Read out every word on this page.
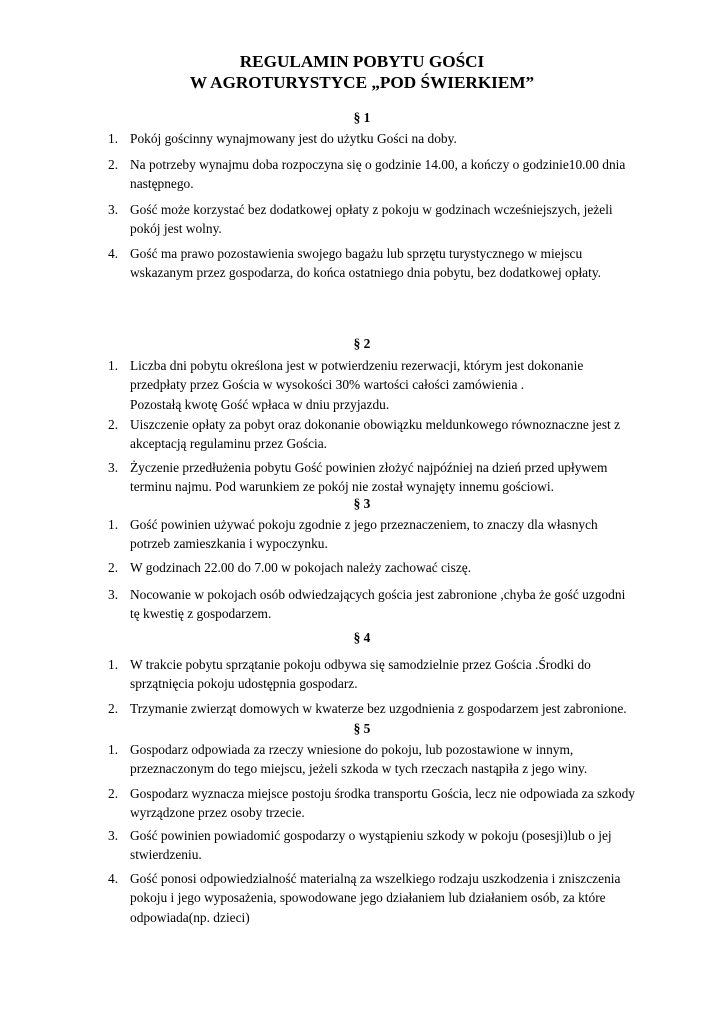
REGULAMIN POBYTU GOŚCI
W AGROTURYSTYCE „POD ŚWIERKIEM”
§ 1
1. Pokój gościnny wynajmowany jest do użytku Gości na doby.
2. Na potrzeby wynajmu doba rozpoczyna się o godzinie 14.00, a kończy o godzinie10.00 dnia
następnego.
3. Gość może korzystać bez dodatkowej opłaty z pokoju w godzinach wcześniejszych, jeżeli
pokój jest wolny.
4. Gość ma prawo pozostawienia swojego bagażu lub sprzętu turystycznego w miejscu
wskazanym przez gospodarza, do końca ostatniego dnia pobytu, bez dodatkowej opłaty.
§ 2
1. Liczba dni pobytu określona jest w potwierdzeniu rezerwacji, którym jest dokonanie
przedpłaty przez Gościa w wysokości 30% wartości całości zamówienia .
Pozostałą kwotę Gość wpłaca w dniu przyjazdu.
2. Uiszczenie opłaty za pobyt oraz dokonanie obowiązku meldunkowego równoznaczne jest z
akceptacją regulaminu przez Gościa.
3. Życzenie przedłużenia pobytu Gość powinien złożyć najpóźniej na dzień przed upływem
terminu najmu. Pod warunkiem ze pokój nie został wynajęty innemu gościowi.
§ 3
1. Gość powinien używać pokoju zgodnie z jego przeznaczeniem, to znaczy dla własnych
potrzeb zamieszkania i wypoczynku.
2. W godzinach 22.00 do 7.00 w pokojach należy zachować ciszę.
3. Nocowanie w pokojach osób odwiedzających gościa jest zabronione ,chyba że gość uzgodni
tę kwestię z gospodarzem.
§ 4
1. W trakcie pobytu sprzątanie pokoju odbywa się samodzielnie przez Gościa .Środki do
sprzątnięcia pokoju udostępnia gospodarz.
2. Trzymanie zwierząt domowych w kwaterze bez uzgodnienia z gospodarzem jest zabronione.
§ 5
1. Gospodarz odpowiada za rzeczy wniesione do pokoju, lub pozostawione w innym,
przeznaczonym do tego miejscu, jeżeli szkoda w tych rzeczach nastąpiła z jego winy.
2. Gospodarz wyznacza miejsce postoju środka transportu Gościa, lecz nie odpowiada za szkody
wyrządzone przez osoby trzecie.
3. Gość powinien powiadomić gospodarzy o wystąpieniu szkody w pokoju (posesji)lub o jej
stwierdzeniu.
4. Gość ponosi odpowiedzialność materialną za wszelkiego rodzaju uszkodzenia i zniszczenia
pokoju i jego wyposażenia, spowodowane jego działaniem lub działaniem osób, za które
odpowiada(np. dzieci)
